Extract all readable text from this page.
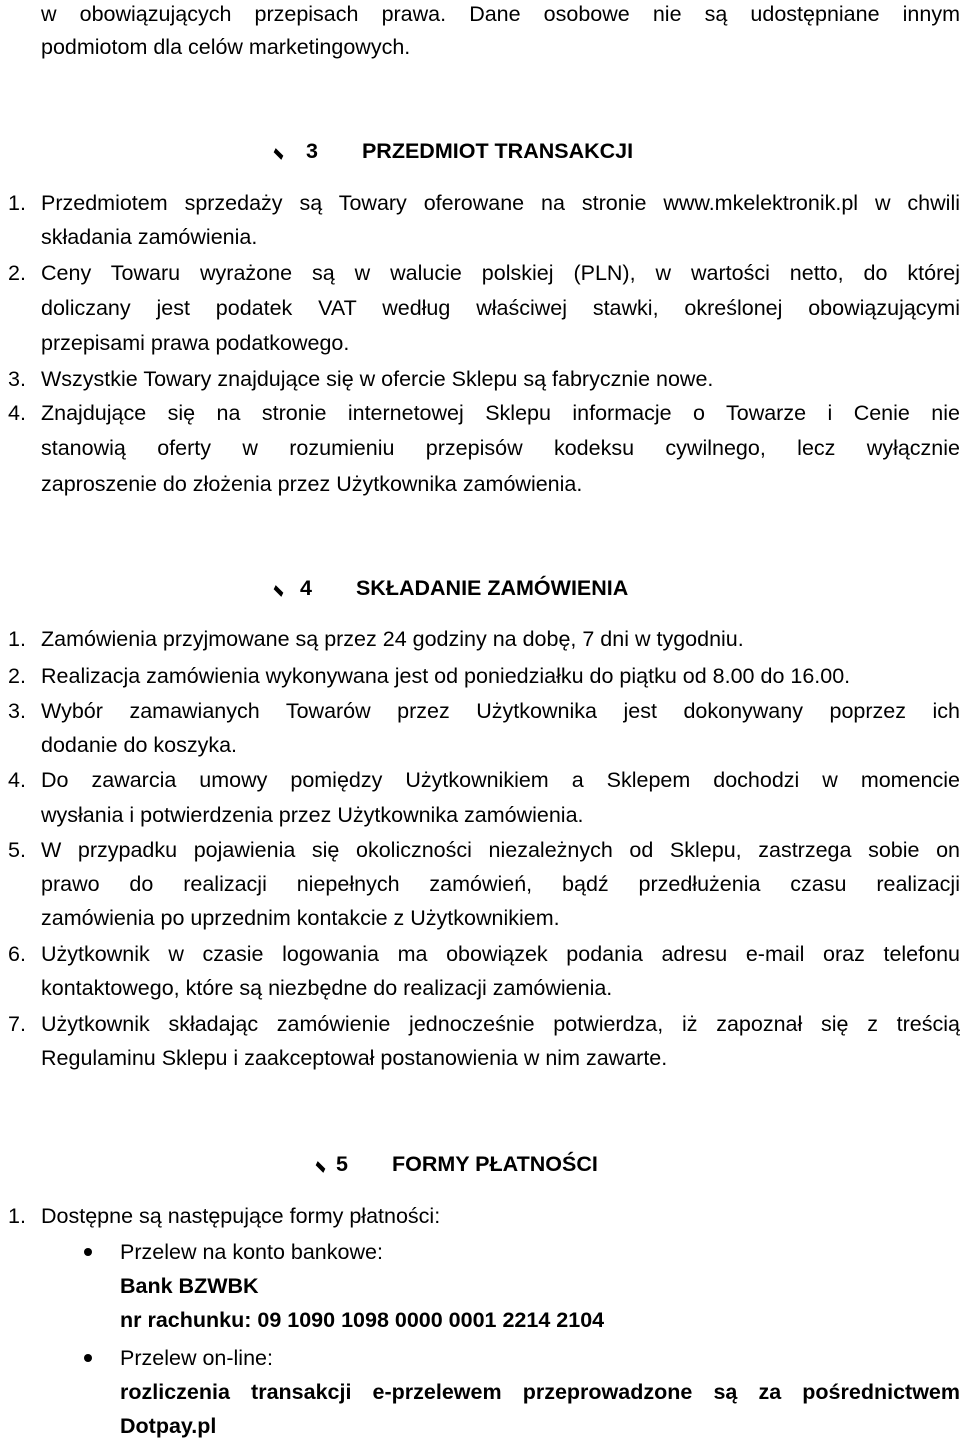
w obowiązujących przepisach prawa. Dane osobowe nie są udostępniane innym
podmiotom dla celów marketingowych.
3 PRZEDMIOT TRANSAKCJI
1. Przedmiotem sprzedaży są Towary oferowane na stronie www.mkelektronik.pl w chwili
składania zamówienia.
2. Ceny Towaru wyrażone są w walucie polskiej (PLN), w wartości netto, do której
doliczany jest podatek VAT według właściwej stawki, określonej obowiązującymi
przepisami prawa podatkowego.
3. Wszystkie Towary znajdujące się w ofercie Sklepu są fabrycznie nowe.
4. Znajdujące się na stronie internetowej Sklepu informacje o Towarze i Cenie nie
stanowią oferty w rozumieniu przepisów kodeksu cywilnego, lecz wyłącznie
zaproszenie do złożenia przez Użytkownika zamówienia.
4 SKŁADANIE ZAMÓWIENIA
1. Zamówienia przyjmowane są przez 24 godziny na dobę, 7 dni w tygodniu.
2. Realizacja zamówienia wykonywana jest od poniedziałku do piątku od 8.00 do 16.00.
3. Wybór zamawianych Towarów przez Użytkownika jest dokonywany poprzez ich
dodanie do koszyka.
4. Do zawarcia umowy pomiędzy Użytkownikiem a Sklepem dochodzi w momencie
wysłania i potwierdzenia przez Użytkownika zamówienia.
5. W przypadku pojawienia się okoliczności niezależnych od Sklepu, zastrzega sobie on
prawo do realizacji niepełnych zamówień, bądź przedłużenia czasu realizacji
zamówienia po uprzednim kontakcie z Użytkownikiem.
6. Użytkownik w czasie logowania ma obowiązek podania adresu e-mail oraz telefonu
kontaktowego, które są niezbędne do realizacji zamówienia.
7. Użytkownik składając zamówienie jednocześnie potwierdza, iż zapoznał się z treścią
Regulaminu Sklepu i zaakceptował postanowienia w nim zawarte.
5 FORMY PŁATNOŚCI
1. Dostępne są następujące formy płatności:
Przelew na konto bankowe:
Bank BZWBK
nr rachunku: 09 1090 1098 0000 0001 2214 2104
Przelew on-line:
rozliczenia transakcji e-przelewem przeprowadzone są za pośrednictwem
Dotpay.pl
